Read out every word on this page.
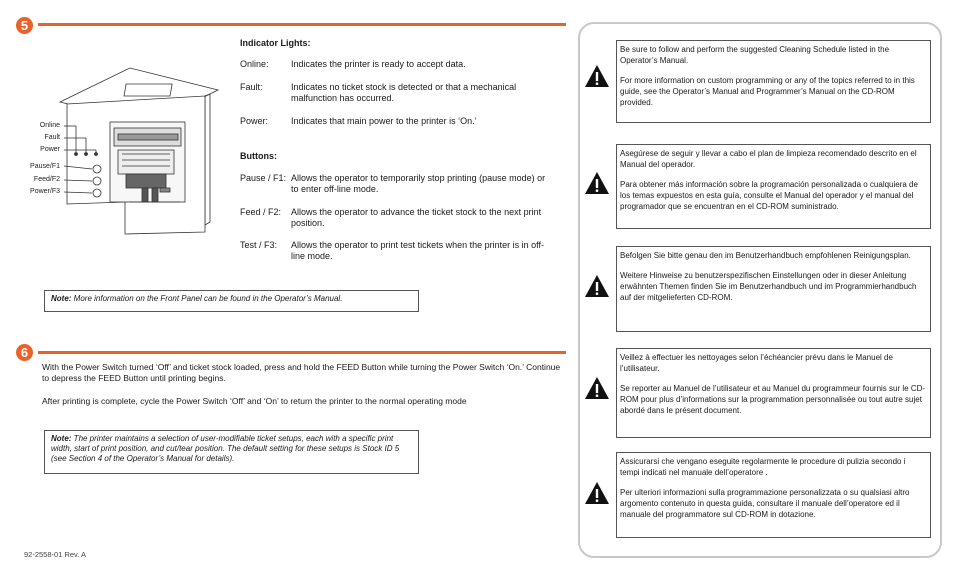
5
Online
Fault
Power
Pause/F1
Feed/F2
Power/F3
Indicator Lights:
Online:	Indicates the printer is ready to accept data.
Fault:	Indicates no ticket stock is detected or that a mechanical malfunction has occurred.
Power:	Indicates that main power to the printer is ‘On.’
Buttons:
Pause / F1: Allows the operator to temporarily stop printing (pause mode) or to enter off-line mode.
Feed / F2:	Allows the operator to advance the ticket stock to the next print position.
Test / F3:	Allows the operator to print test tickets when the printer is in off-line mode.
Note: More information on the Front Panel can be found in the Operator’s Manual.
6
With the Power Switch turned ‘Off’ and ticket stock loaded, press and hold the FEED Button while turning the Power Switch ‘On.’ Continue to depress the FEED Button until printing begins.
After printing is complete, cycle the Power Switch ‘Off’ and ‘On’ to return the printer to the normal operating mode
Note: The printer maintains a selection of user-modifiable ticket setups, each with a specific print width, start of print position, and cut/tear position. The default setting for these setups is Stock ID 5 (see Section 4 of the Operator’s Manual for details).
92-2558-01 Rev. A

Be sure to follow and perform the suggested Cleaning Schedule listed in the Operator’s Manual.

For more information on custom programming or any of the topics referred to in this guide, see the Operator’s Manual and Programmer’s Manual on the CD-ROM provided.

Asegúrese de seguir y llevar a cabo el plan de limpieza recomendado descrito en el Manual del operador.

Para obtener más información sobre la programación personalizada o cualquiera de los temas expuestos en esta guía, consulte el Manual del operador y el manual del programador que se encuentran en el CD-ROM suministrado.

Befolgen Sie bitte genau den im Benutzerhandbuch empfohlenen Reinigungsplan.

Weitere Hinweise zu benutzerspezifischen Einstellungen oder in dieser Anleitung erwähnten Themen finden Sie im Benutzerhandbuch und im Programmierhandbuch auf der mitgelieferten CD-ROM.

Veillez à effectuer les nettoyages selon l’échéancier prévu dans le Manuel de l’utilisateur.

Se reporter au Manuel de l’utilisateur et au Manuel du programmeur fournis sur le CD-ROM pour plus d’informations sur la programmation personnalisée ou tout autre sujet abordé dans le présent document.

Assicurarsi che vengano eseguite regolarmente le procedure di pulizia secondo i tempi indicati nel manuale dell’operatore .

Per ulteriori informazioni sulla programmazione personalizzata o su qualsiasi altro argomento contenuto in questa guida, consultare il manuale dell’operatore ed il manuale del programmatore sul CD-ROM in dotazione.
